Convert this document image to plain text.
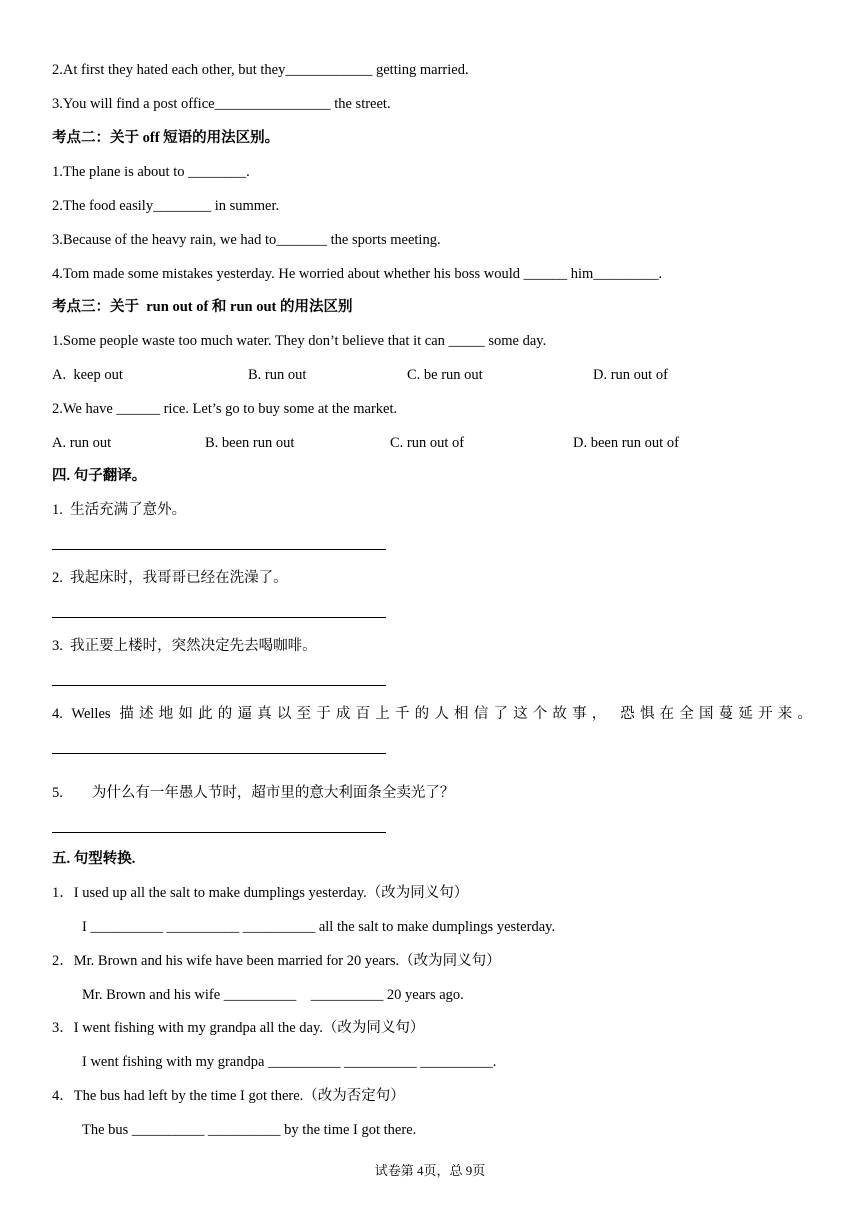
2.At first they hated each other, but they____________ getting married.

3.You will find a post office________________ the street.

考点二：关于 off 短语的用法区别。

1.The plane is about to ________.

2.The food easily________ in summer.

3.Because of the heavy rain, we had to_______ the sports meeting.

4.Tom made some mistakes yesterday. He worried about whether his boss would ______ him_________.

考点三：关于  run out of 和 run out 的用法区别

1.Some people waste too much water. They don’t believe that it can _____ some day.

A.  keep out	B. run out	C. be run out	D. run out of

2.We have ______ rice. Let’s go to buy some at the market.

A. run out	B. been run out	C. run out of	D. been run out of

四. 句子翻译。

1.  生活充满了意外。

2.  我起床时，我哥哥已经在洗澡了。

3.  我正要上楼时，突然决定先去喝咖啡。

4. Welles 描述地如此的逼真以至于成百上千的人相信了这个故事， 恐惧在全国蔓延开来。

5.        为什么有一年愚人节时，超市里的意大利面条全卖光了？

五. 句型转换.

1．I used up all the salt to make dumplings yesterday.（改为同义句）

I __________ __________ __________ all the salt to make dumplings yesterday.

2．Mr. Brown and his wife have been married for 20 years.（改为同义句）

Mr. Brown and his wife __________    __________ 20 years ago.

3．I went fishing with my grandpa all the day.（改为同义句）

I went fishing with my grandpa __________ __________ __________.

4．The bus had left by the time I got there.（改为否定句）

The bus __________ __________ by the time I got there.

试卷第 4页，总 9页
